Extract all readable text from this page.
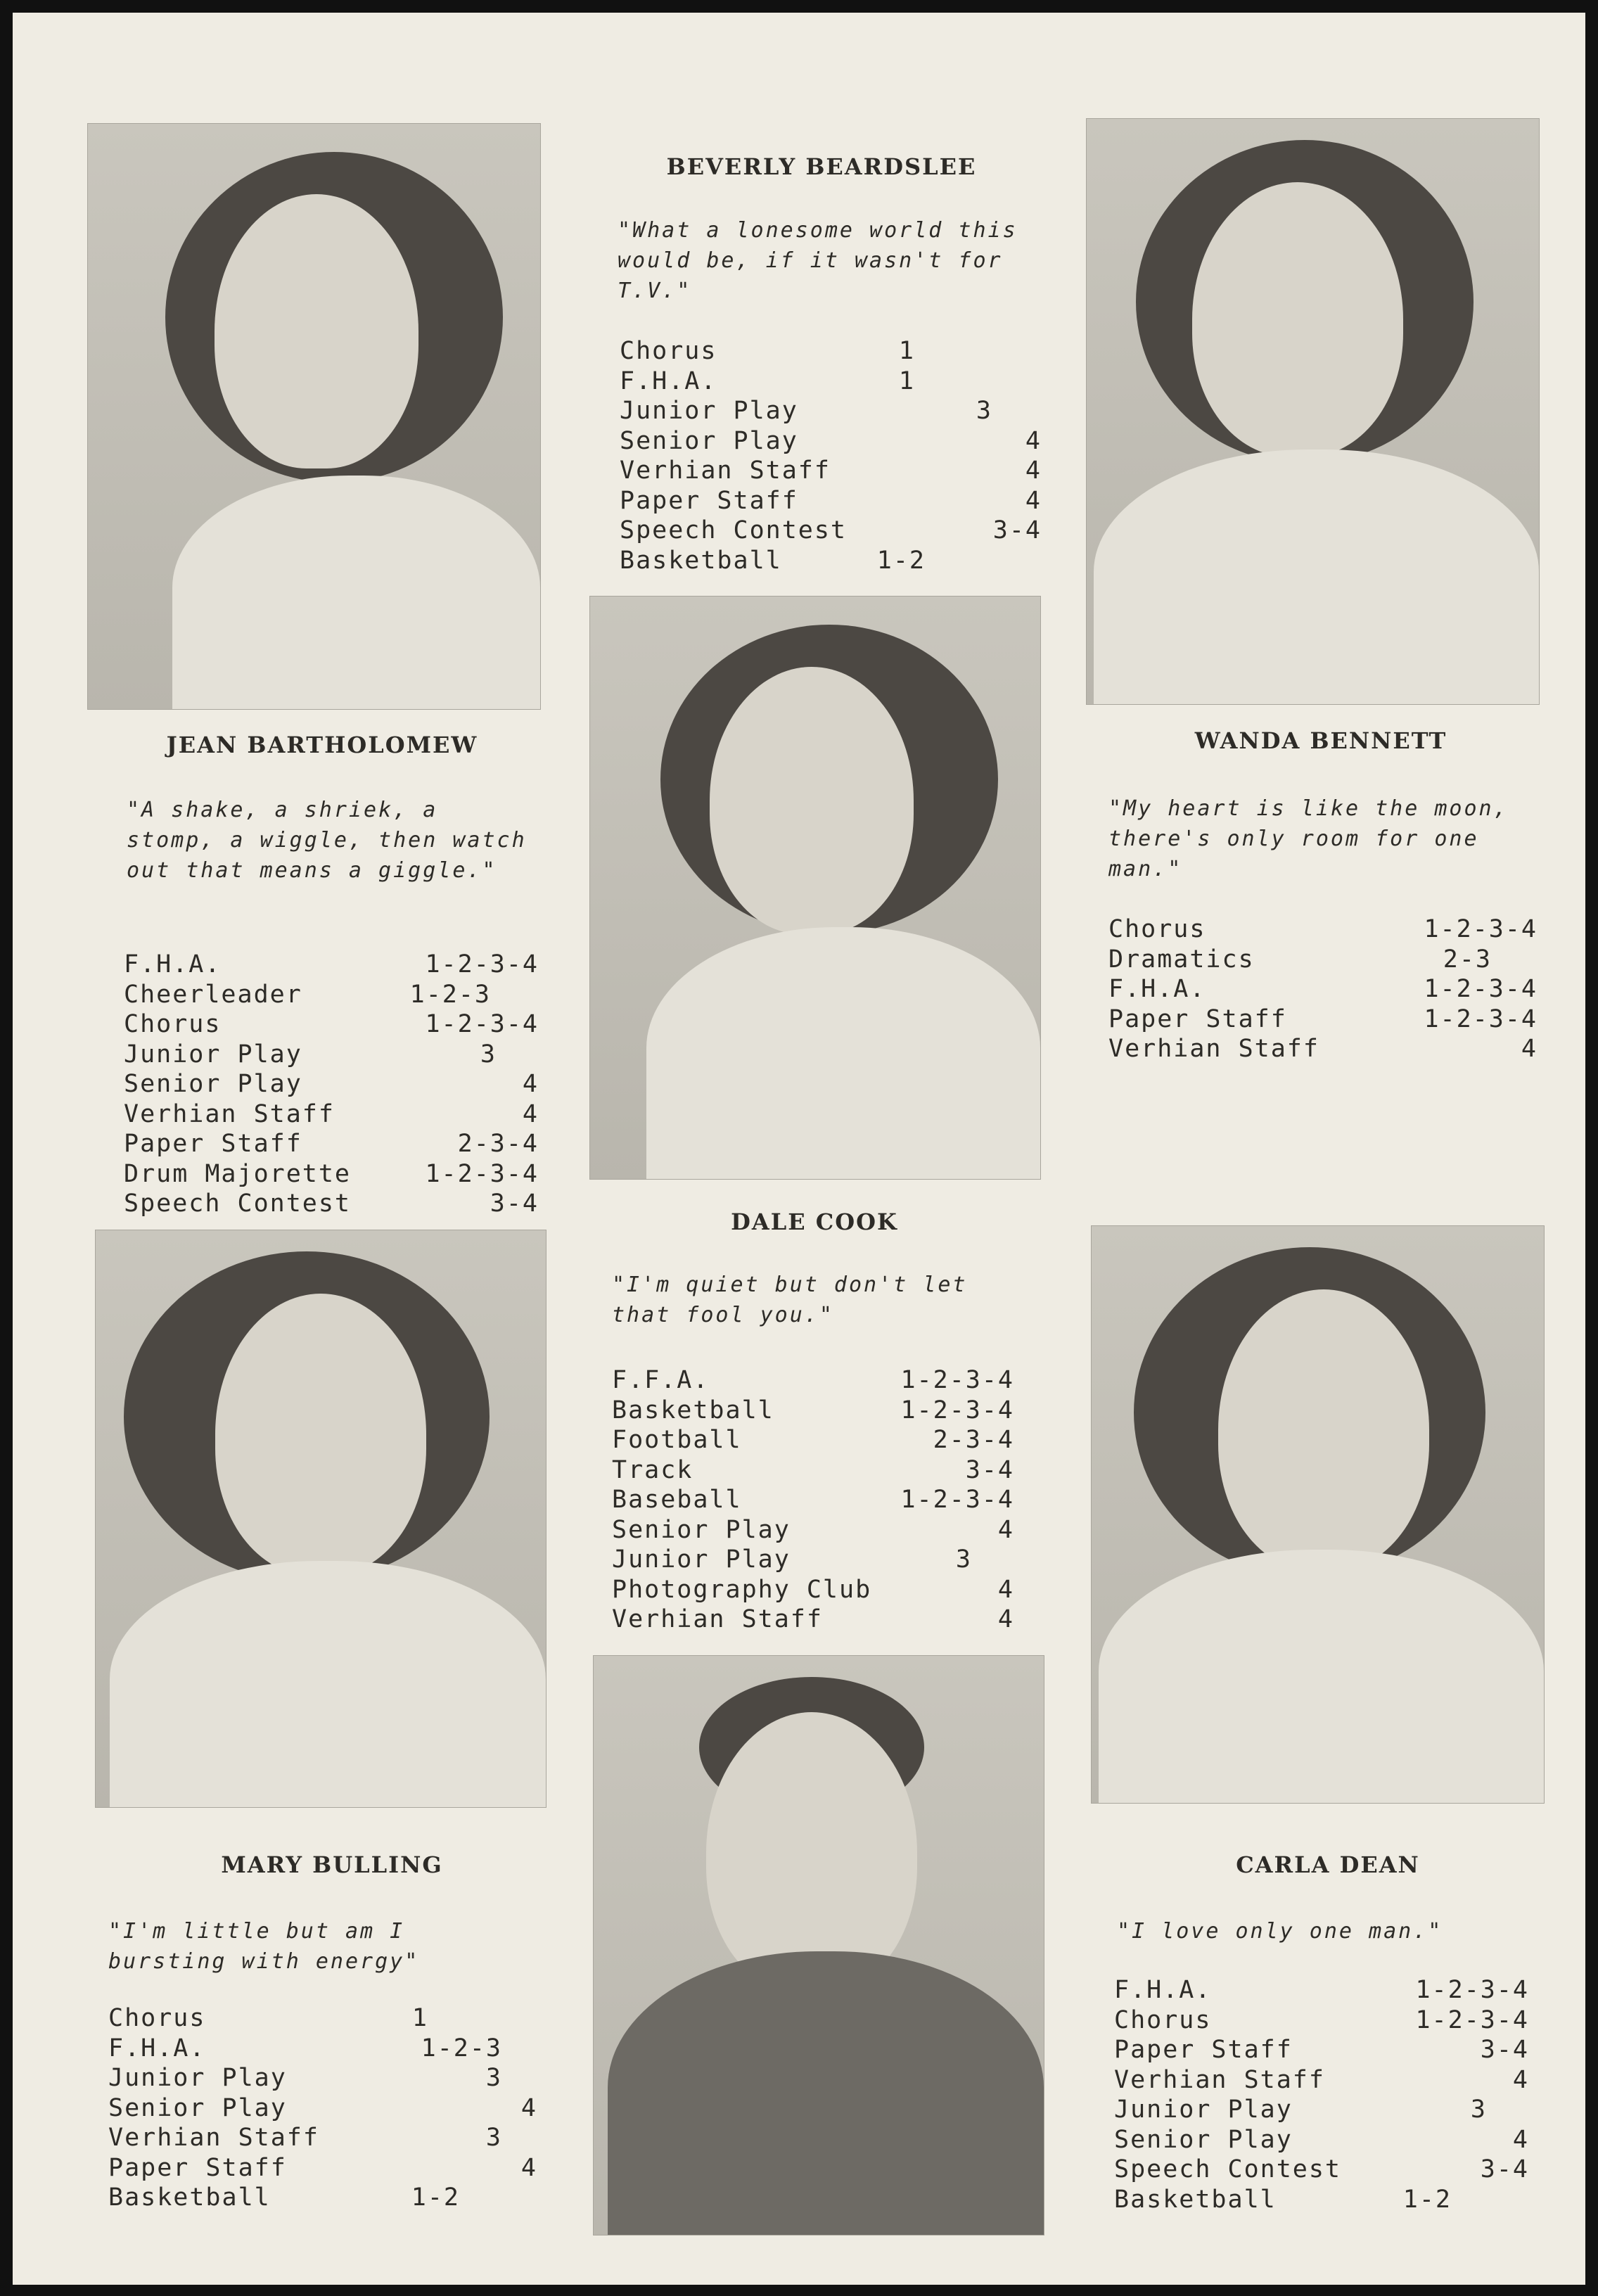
BEVERLY BEARDSLEE
"What a lonesome world this would be, if it wasn't for T.V."
Chorus	1
F.H.A.	1
Junior Play	3
Senior Play	4
Verhian Staff	4
Paper Staff	4
Speech Contest	3-4
Basketball	1-2
JEAN BARTHOLOMEW
"A shake, a shriek, a stomp, a wiggle, then watch out that means a giggle."
F.H.A.	1-2-3-4
Cheerleader	1-2-3
Chorus	1-2-3-4
Junior Play	3
Senior Play	4
Verhian Staff	4
Paper Staff	2-3-4
Drum Majorette	1-2-3-4
Speech Contest	3-4
WANDA BENNETT
"My heart is like the moon, there's only room for one man."
Chorus	1-2-3-4
Dramatics	2-3
F.H.A.	1-2-3-4
Paper Staff	1-2-3-4
Verhian Staff	4
DALE COOK
"I'm quiet but don't let that fool you."
F.F.A.	1-2-3-4
Basketball	1-2-3-4
Football	2-3-4
Track	3-4
Baseball	1-2-3-4
Senior Play	4
Junior Play	3
Photography Club	4
Verhian Staff	4
MARY BULLING
"I'm little but am I bursting with energy"
Chorus	1
F.H.A.	1-2-3
Junior Play	3
Senior Play	4
Verhian Staff	3
Paper Staff	4
Basketball	1-2
CARLA DEAN
"I love only one man."
F.H.A.	1-2-3-4
Chorus	1-2-3-4
Paper Staff	3-4
Verhian Staff	4
Junior Play	3
Senior Play	4
Speech Contest	3-4
Basketball	1-2
